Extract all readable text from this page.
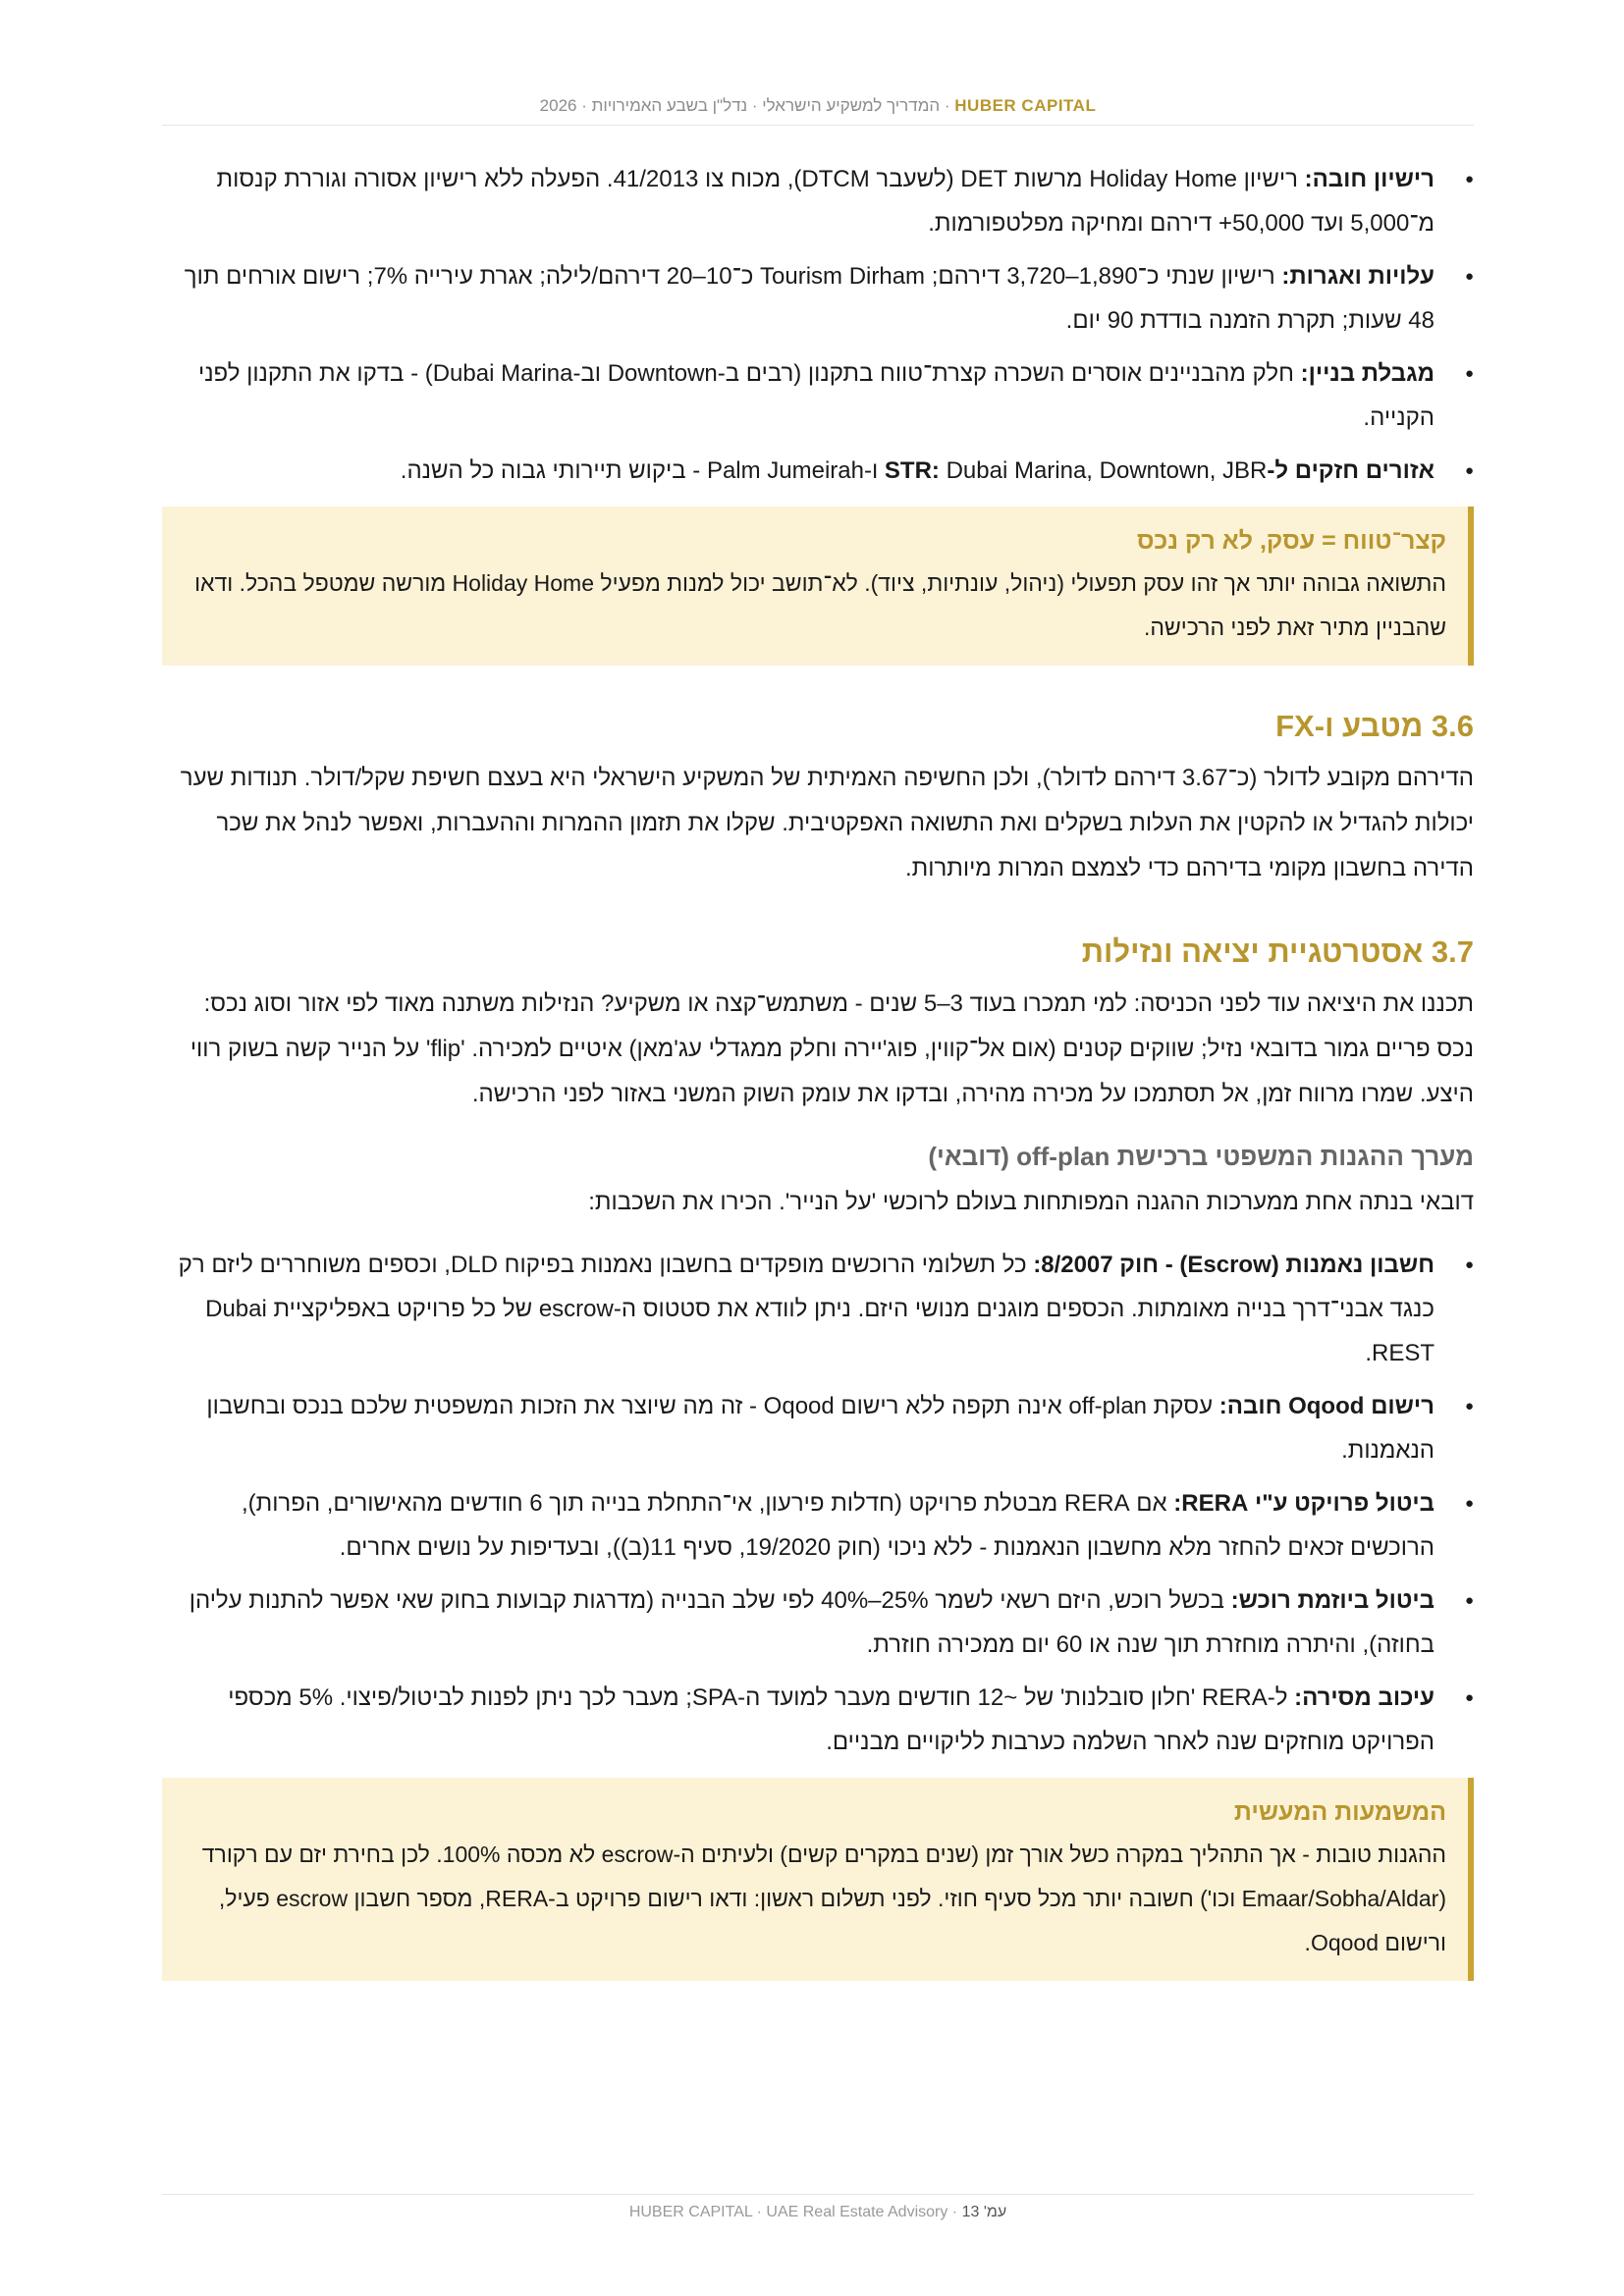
HUBER CAPITAL · המדריך למשקיע הישראלי · נדל"ן בשבע האמירויות · 2026
● רישיון חובה: רישיון Holiday Home מרשות DET (לשעבר DTCM), מכוח צו 41/2013. הפעלה ללא רישיון אסורה וגוררת קנסות מ־5,000 ועד 50,000+ דירהם ומחיקה מפלטפורמות.
● עלויות ואגרות: רישיון שנתי כ־1,890–3,720 דירהם; Tourism Dirham כ־10–20 דירהם/לילה; אגרת עירייה 7%; רישום אורחים תוך 48 שעות; תקרת הזמנה בודדת 90 יום.
● מגבלת בניין: חלק מהבניינים אוסרים השכרה קצרת־טווח בתקנון (רבים ב-Downtown וב-Dubai Marina) - בדקו את התקנון לפני הקנייה.
● אזורים חזקים ל-STR: Dubai Marina, Downtown, JBR ו-Palm Jumeirah - ביקוש תיירותי גבוה כל השנה.
קצר־טווח = עסק, לא רק נכס
התשואה גבוהה יותר אך זהו עסק תפעולי (ניהול, עונתיות, ציוד). לא־תושב יכול למנות מפעיל Holiday Home מורשה שמטפל בהכל. ודאו שהבניין מתיר זאת לפני הרכישה.
3.6 מטבע ו-FX

הדירהם מקובע לדולר (כ־3.67 דירהם לדולר), ולכן החשיפה האמיתית של המשקיע הישראלי היא בעצם חשיפת שקל/דולר. תנודות שער יכולות להגדיל או להקטין את העלות בשקלים ואת התשואה האפקטיבית. שקלו את תזמון ההמרות וההעברות, ואפשר לנהל את שכר הדירה בחשבון מקומי בדירהם כדי לצמצם המרות מיותרות.

3.7 אסטרטגיית יציאה ונזילות

תכננו את היציאה עוד לפני הכניסה: למי תמכרו בעוד 3–5 שנים - משתמש־קצה או משקיע? הנזילות משתנה מאוד לפי אזור וסוג נכס: נכס פריים גמור בדובאי נזיל; שווקים קטנים (אום אל־קווין, פוג'יירה וחלק ממגדלי עג'מאן) איטיים למכירה. 'flip' על הנייר קשה בשוק רווי היצע. שמרו מרווח זמן, אל תסתמכו על מכירה מהירה, ובדקו את עומק השוק המשני באזור לפני הרכישה.

מערך ההגנות המשפטי ברכישת off-plan (דובאי)

דובאי בנתה אחת ממערכות ההגנה המפותחות בעולם לרוכשי 'על הנייר'. הכירו את השכבות:

● חשבון נאמנות (Escrow) - חוק 8/2007: כל תשלומי הרוכשים מופקדים בחשבון נאמנות בפיקוח DLD, וכספים משוחררים ליזם רק כנגד אבני־דרך בנייה מאומתות. הכספים מוגנים מנושי היזם. ניתן לוודא את סטטוס ה-escrow של כל פרויקט באפליקציית Dubai REST.
● רישום Oqood חובה: עסקת off-plan אינה תקפה ללא רישום Oqood - זה מה שיוצר את הזכות המשפטית שלכם בנכס ובחשבון הנאמנות.
● ביטול פרויקט ע"י RERA: אם RERA מבטלת פרויקט (חדלות פירעון, אי־התחלת בנייה תוך 6 חודשים מהאישורים, הפרות), הרוכשים זכאים להחזר מלא מחשבון הנאמנות - ללא ניכוי (חוק 19/2020, סעיף 11(ב)), ובעדיפות על נושים אחרים.
● ביטול ביוזמת רוכש: בכשל רוכש, היזם רשאי לשמר 25%–40% לפי שלב הבנייה (מדרגות קבועות בחוק שאי אפשר להתנות עליהן בחוזה), והיתרה מוחזרת תוך שנה או 60 יום ממכירה חוזרת.
● עיכוב מסירה: ל-RERA 'חלון סובלנות' של ~12 חודשים מעבר למועד ה-SPA; מעבר לכך ניתן לפנות לביטול/פיצוי. 5% מכספי הפרויקט מוחזקים שנה לאחר השלמה כערבות לליקויים מבניים.
המשמעות המעשית
ההגנות טובות - אך התהליך במקרה כשל אורך זמן (שנים במקרים קשים) ולעיתים ה-escrow לא מכסה 100%. לכן בחירת יזם עם רקורד (Emaar/Sobha/Aldar וכו') חשובה יותר מכל סעיף חוזי. לפני תשלום ראשון: ודאו רישום פרויקט ב-RERA, מספר חשבון escrow פעיל, ורישום Oqood.
עמ' 13 · HUBER CAPITAL · UAE Real Estate Advisory
